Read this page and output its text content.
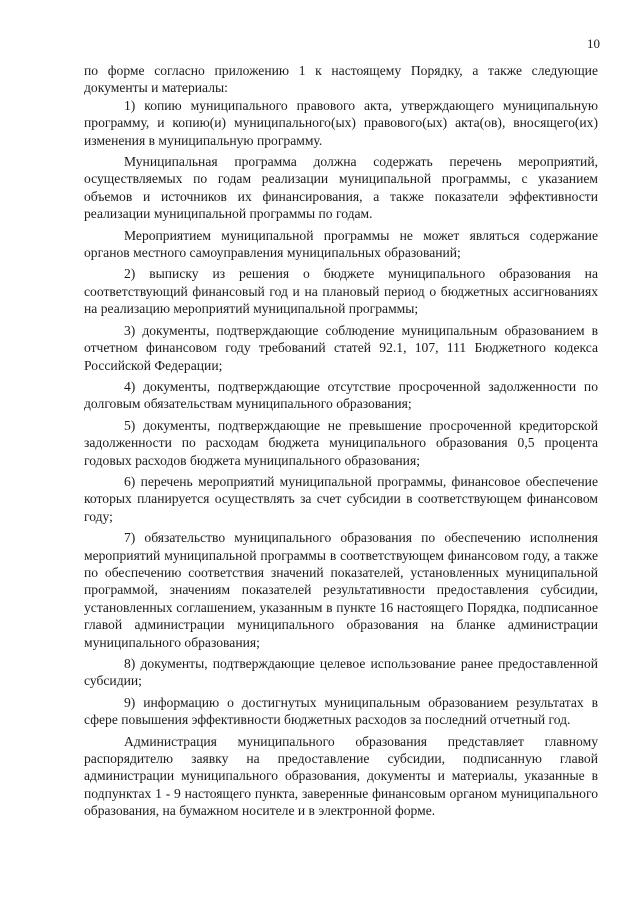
10

по форме согласно приложению 1 к настоящему Порядку, а также следующие документы и материалы:

1) копию муниципального правового акта, утверждающего муниципальную программу, и копию(и) муниципального(ых) правового(ых) акта(ов), вносящего(их) изменения в муниципальную программу.

Муниципальная программа должна содержать перечень мероприятий, осуществляемых по годам реализации муниципальной программы, с указанием объемов и источников их финансирования, а также показатели эффективности реализации муниципальной программы по годам.

Мероприятием муниципальной программы не может являться содержание органов местного самоуправления муниципальных образований;

2) выписку из решения о бюджете муниципального образования на соответствующий финансовый год и на плановый период о бюджетных ассигнованиях на реализацию мероприятий муниципальной программы;

3) документы, подтверждающие соблюдение муниципальным образованием в отчетном финансовом году требований статей 92.1, 107, 111 Бюджетного кодекса Российской Федерации;

4) документы, подтверждающие отсутствие просроченной задолженности по долговым обязательствам муниципального образования;

5) документы, подтверждающие не превышение просроченной кредиторской задолженности по расходам бюджета муниципального образования 0,5 процента годовых расходов бюджета муниципального образования;

6) перечень мероприятий муниципальной программы, финансовое обеспечение которых планируется осуществлять за счет субсидии в соответствующем финансовом году;

7) обязательство муниципального образования по обеспечению исполнения мероприятий муниципальной программы в соответствующем финансовом году, а также по обеспечению соответствия значений показателей, установленных муниципальной программой, значениям показателей результативности предоставления субсидии, установленных соглашением, указанным в пункте 16 настоящего Порядка, подписанное главой администрации муниципального образования на бланке администрации муниципального образования;

8) документы, подтверждающие целевое использование ранее предоставленной субсидии;

9) информацию о достигнутых муниципальным образованием результатах в сфере повышения эффективности бюджетных расходов за последний отчетный год.

Администрация муниципального образования представляет главному распорядителю заявку на предоставление субсидии, подписанную главой администрации муниципального образования, документы и материалы, указанные в подпунктах 1 - 9 настоящего пункта, заверенные финансовым органом муниципального образования, на бумажном носителе и в электронной форме.
